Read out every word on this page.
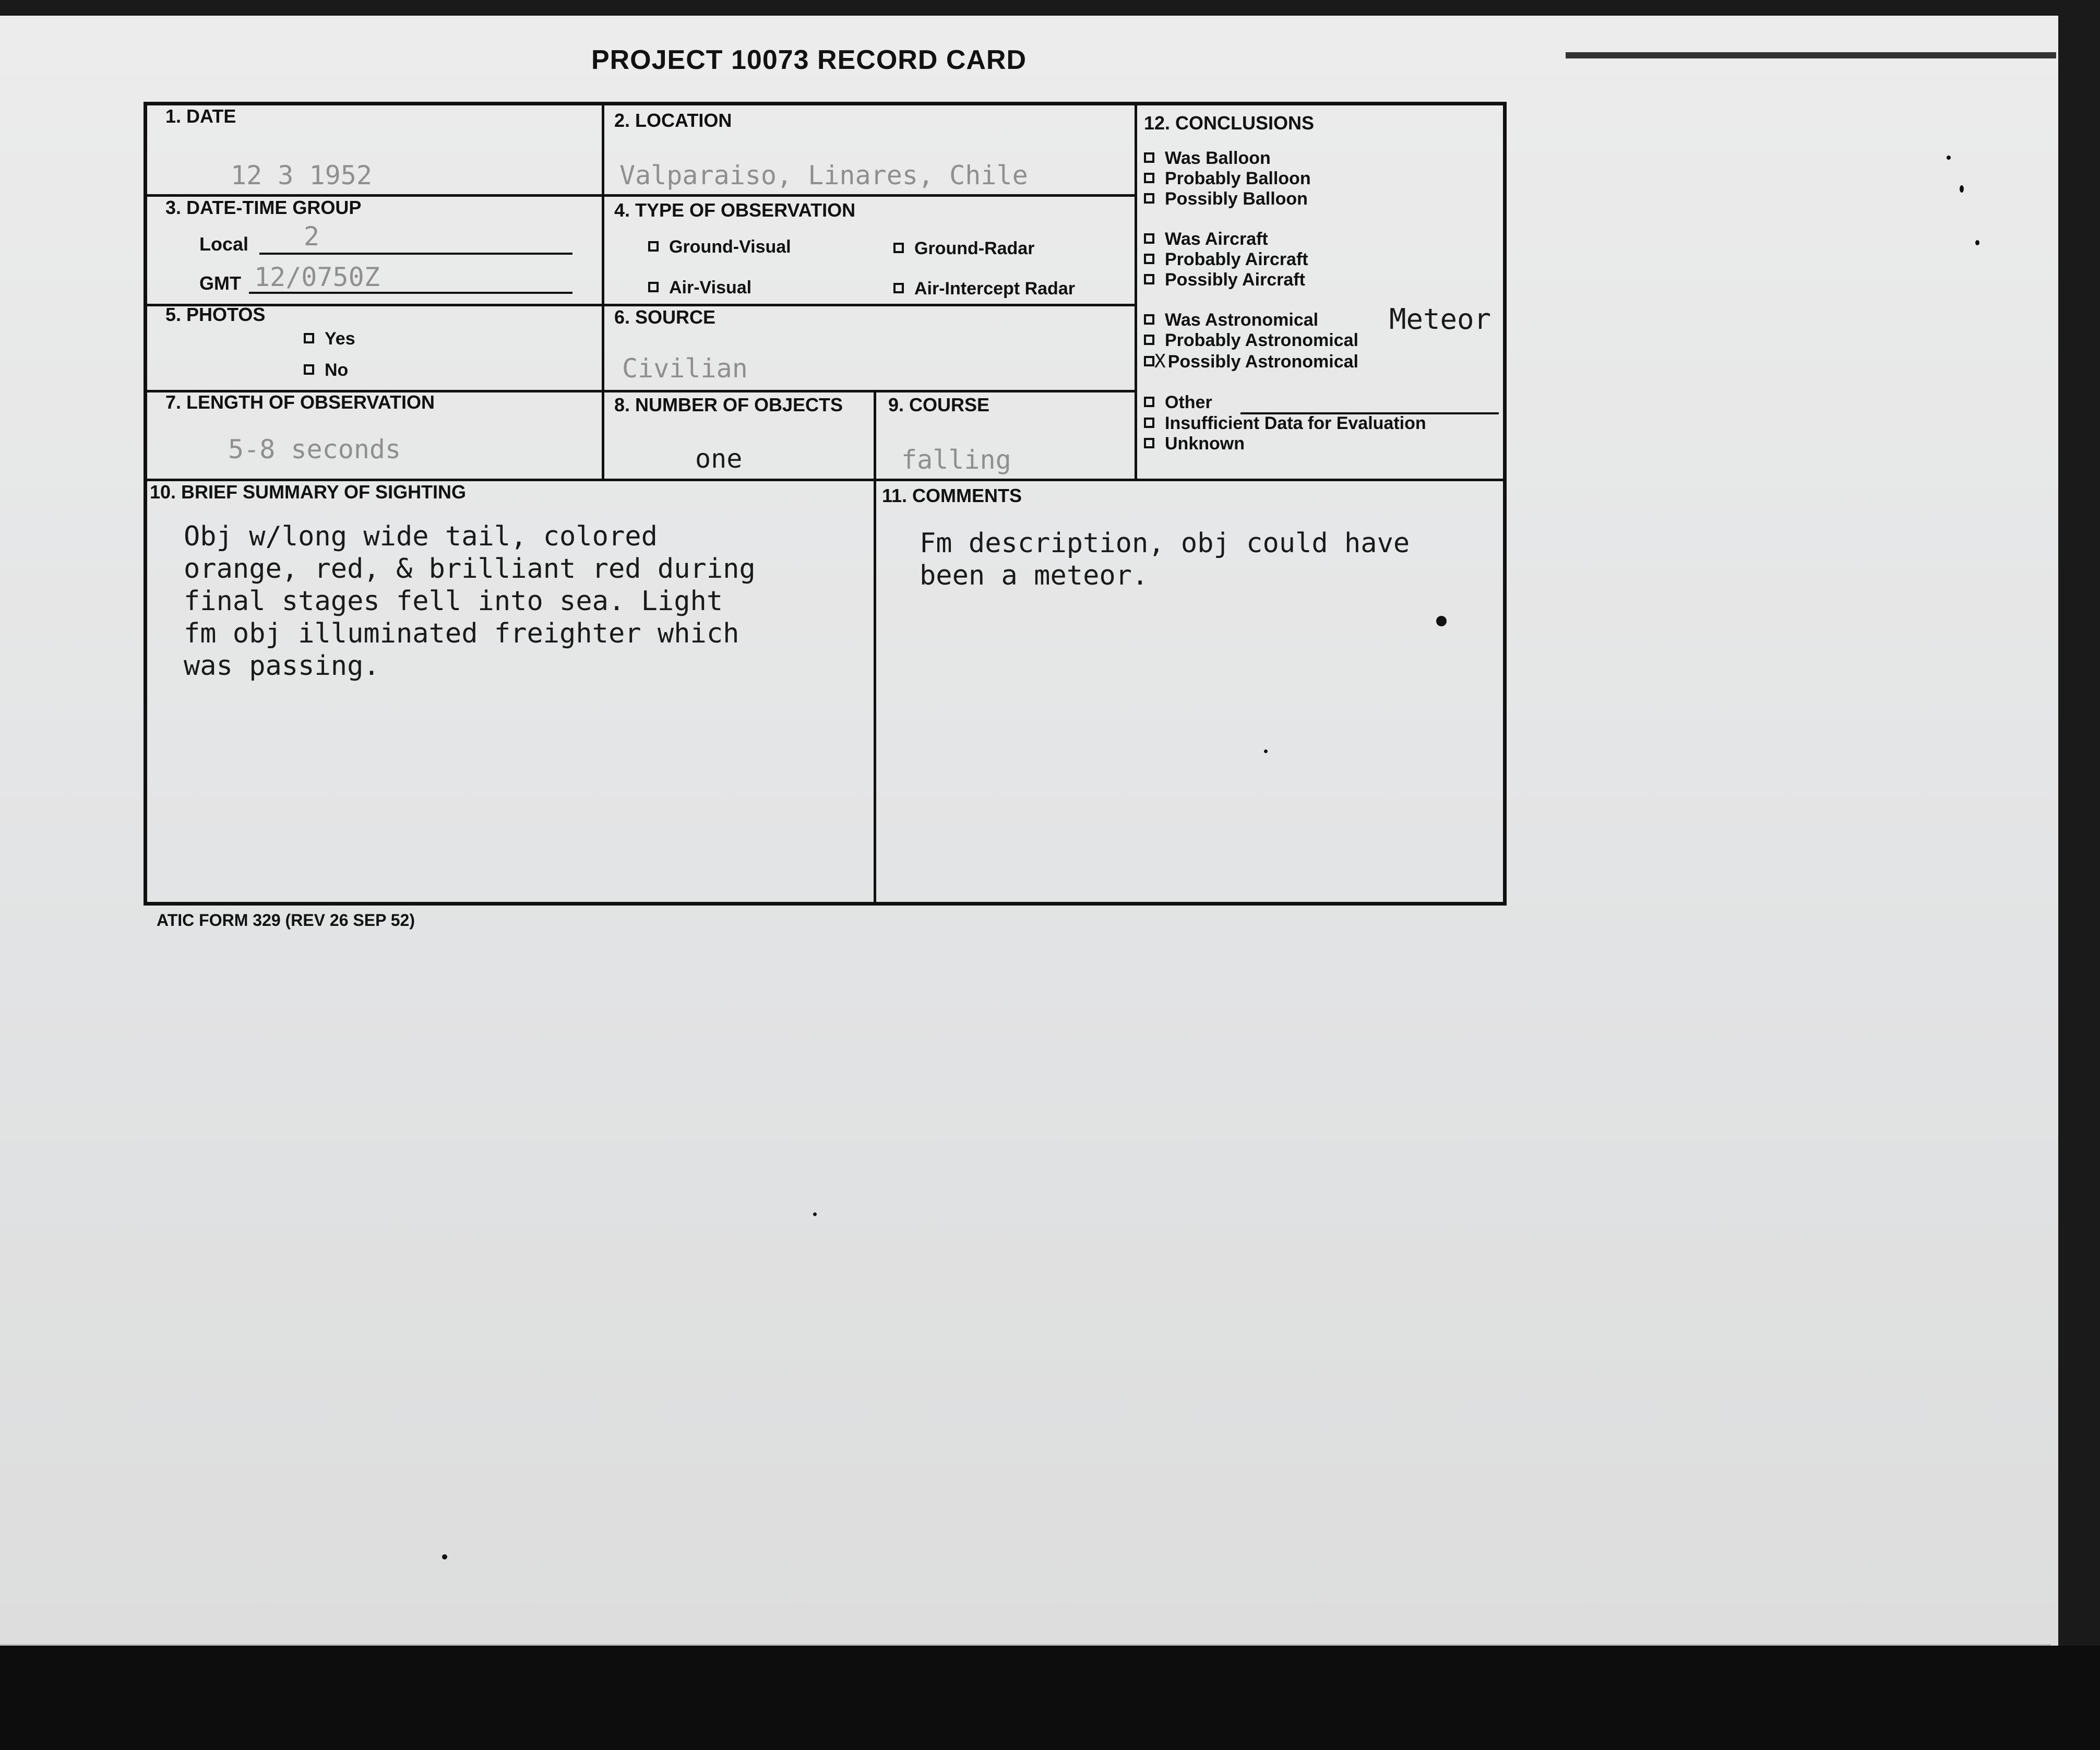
PROJECT 10073 RECORD CARD
1. DATE
12 3 1952
2. LOCATION
Valparaiso, Linares, Chile
3. DATE-TIME GROUP
Local 2
GMT 12/0750Z
4. TYPE OF OBSERVATION
Ground-Visual	Ground-Radar
Air-Visual	Air-Intercept Radar
5. PHOTOS
Yes
No
6. SOURCE
Civilian
7. LENGTH OF OBSERVATION
5-8 seconds
8. NUMBER OF OBJECTS
one
9. COURSE
falling
10. BRIEF SUMMARY OF SIGHTING
Obj w/long wide tail, colored
orange, red, & brilliant red during
final stages fell into sea. Light
fm obj illuminated freighter which
was passing.
11. COMMENTS
Fm description, obj could have
been a meteor.
12. CONCLUSIONS
Was Balloon
Probably Balloon
Possibly Balloon
Was Aircraft
Probably Aircraft
Possibly Aircraft
Was Astronomical	Meteor
Probably Astronomical
X Possibly Astronomical
Other
Insufficient Data for Evaluation
Unknown
ATIC FORM 329 (REV 26 SEP 52)
